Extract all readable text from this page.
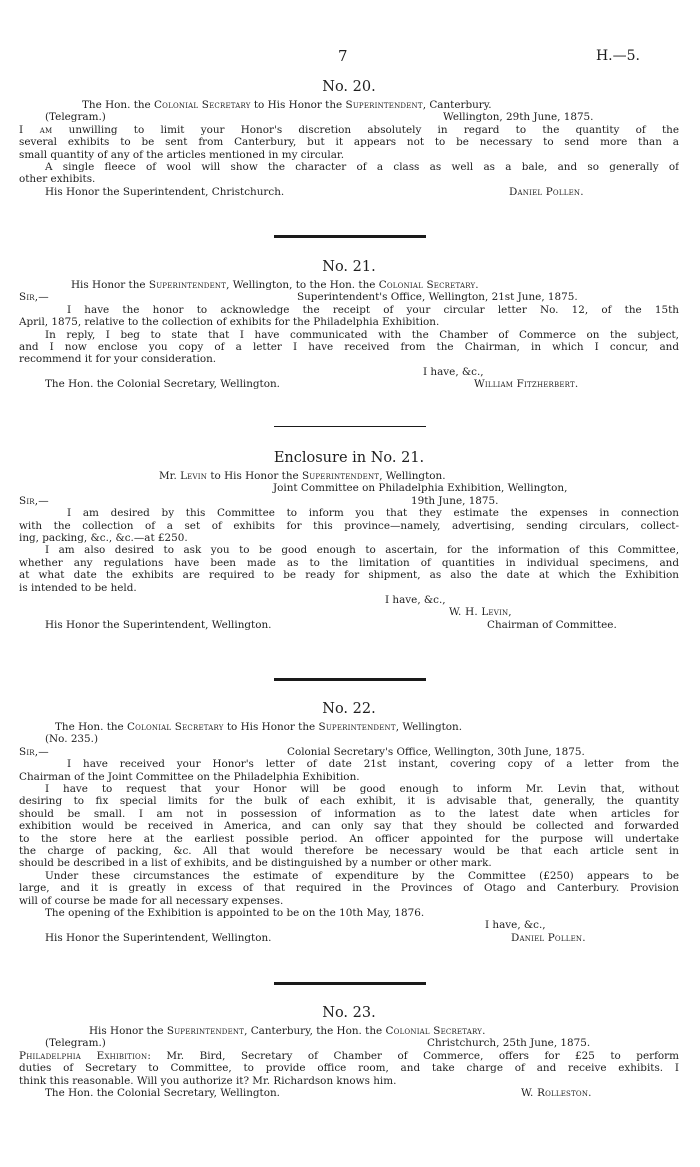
7	H.—5.
No. 20.
The Hon. the Colonial Secretary to His Honor the Superintendent, Canterbury.
(Telegram.)	Wellington, 29th June, 1875.
I am unwilling to limit your Honor's discretion absolutely in regard to the quantity of the
several exhibits to be sent from Canterbury, but it appears not to be necessary to send more than a
small quantity of any of the articles mentioned in my circular.
A single fleece of wool will show the character of a class as well as a bale, and so generally of
other exhibits.
His Honor the Superintendent, Christchurch.	Daniel Pollen.
No. 21.
His Honor the Superintendent, Wellington, to the Hon. the Colonial Secretary.
Sir,—	Superintendent's Office, Wellington, 21st June, 1875.
I have the honor to acknowledge the receipt of your circular letter No. 12, of the 15th
April, 1875, relative to the collection of exhibits for the Philadelphia Exhibition.
In reply, I beg to state that I have communicated with the Chamber of Commerce on the subject,
and I now enclose you copy of a letter I have received from the Chairman, in which I concur, and
recommend it for your consideration.
I have, &c.,
The Hon. the Colonial Secretary, Wellington.	William Fitzherbert.
Enclosure in No. 21.
Mr. Levin to His Honor the Superintendent, Wellington.
Joint Committee on Philadelphia Exhibition, Wellington,
Sir,—	19th June, 1875.
I am desired by this Committee to inform you that they estimate the expenses in connection
with the collection of a set of exhibits for this province—namely, advertising, sending circulars, collect-
ing, packing, &c., &c.—at £250.
I am also desired to ask you to be good enough to ascertain, for the information of this Committee,
whether any regulations have been made as to the limitation of quantities in individual specimens, and
at what date the exhibits are required to be ready for shipment, as also the date at which the Exhibition
is intended to be held.
I have, &c.,
W. H. Levin,
His Honor the Superintendent, Wellington.	Chairman of Committee.
No. 22.
The Hon. the Colonial Secretary to His Honor the Superintendent, Wellington.
(No. 235.)
Sir,—	Colonial Secretary's Office, Wellington, 30th June, 1875.
I have received your Honor's letter of date 21st instant, covering copy of a letter from the
Chairman of the Joint Committee on the Philadelphia Exhibition.
I have to request that your Honor will be good enough to inform Mr. Levin that, without
desiring to fix special limits for the bulk of each exhibit, it is advisable that, generally, the quantity
should be small. I am not in possession of information as to the latest date when articles for
exhibition would be received in America, and can only say that they should be collected and forwarded
to the store here at the earliest possible period. An officer appointed for the purpose will undertake
the charge of packing, &c. All that would therefore be necessary would be that each article sent in
should be described in a list of exhibits, and be distinguished by a number or other mark.
Under these circumstances the estimate of expenditure by the Committee (£250) appears to be
large, and it is greatly in excess of that required in the Provinces of Otago and Canterbury. Provision
will of course be made for all necessary expenses.
The opening of the Exhibition is appointed to be on the 10th May, 1876.
I have, &c.,
His Honor the Superintendent, Wellington.	Daniel Pollen.
No. 23.
His Honor the Superintendent, Canterbury, the Hon. the Colonial Secretary.
(Telegram.)	Christchurch, 25th June, 1875.
Philadelphia Exhibition: Mr. Bird, Secretary of Chamber of Commerce, offers for £25 to perform
duties of Secretary to Committee, to provide office room, and take charge of and receive exhibits. I
think this reasonable. Will you authorize it? Mr. Richardson knows him.
The Hon. the Colonial Secretary, Wellington.	W. Rolleston.
